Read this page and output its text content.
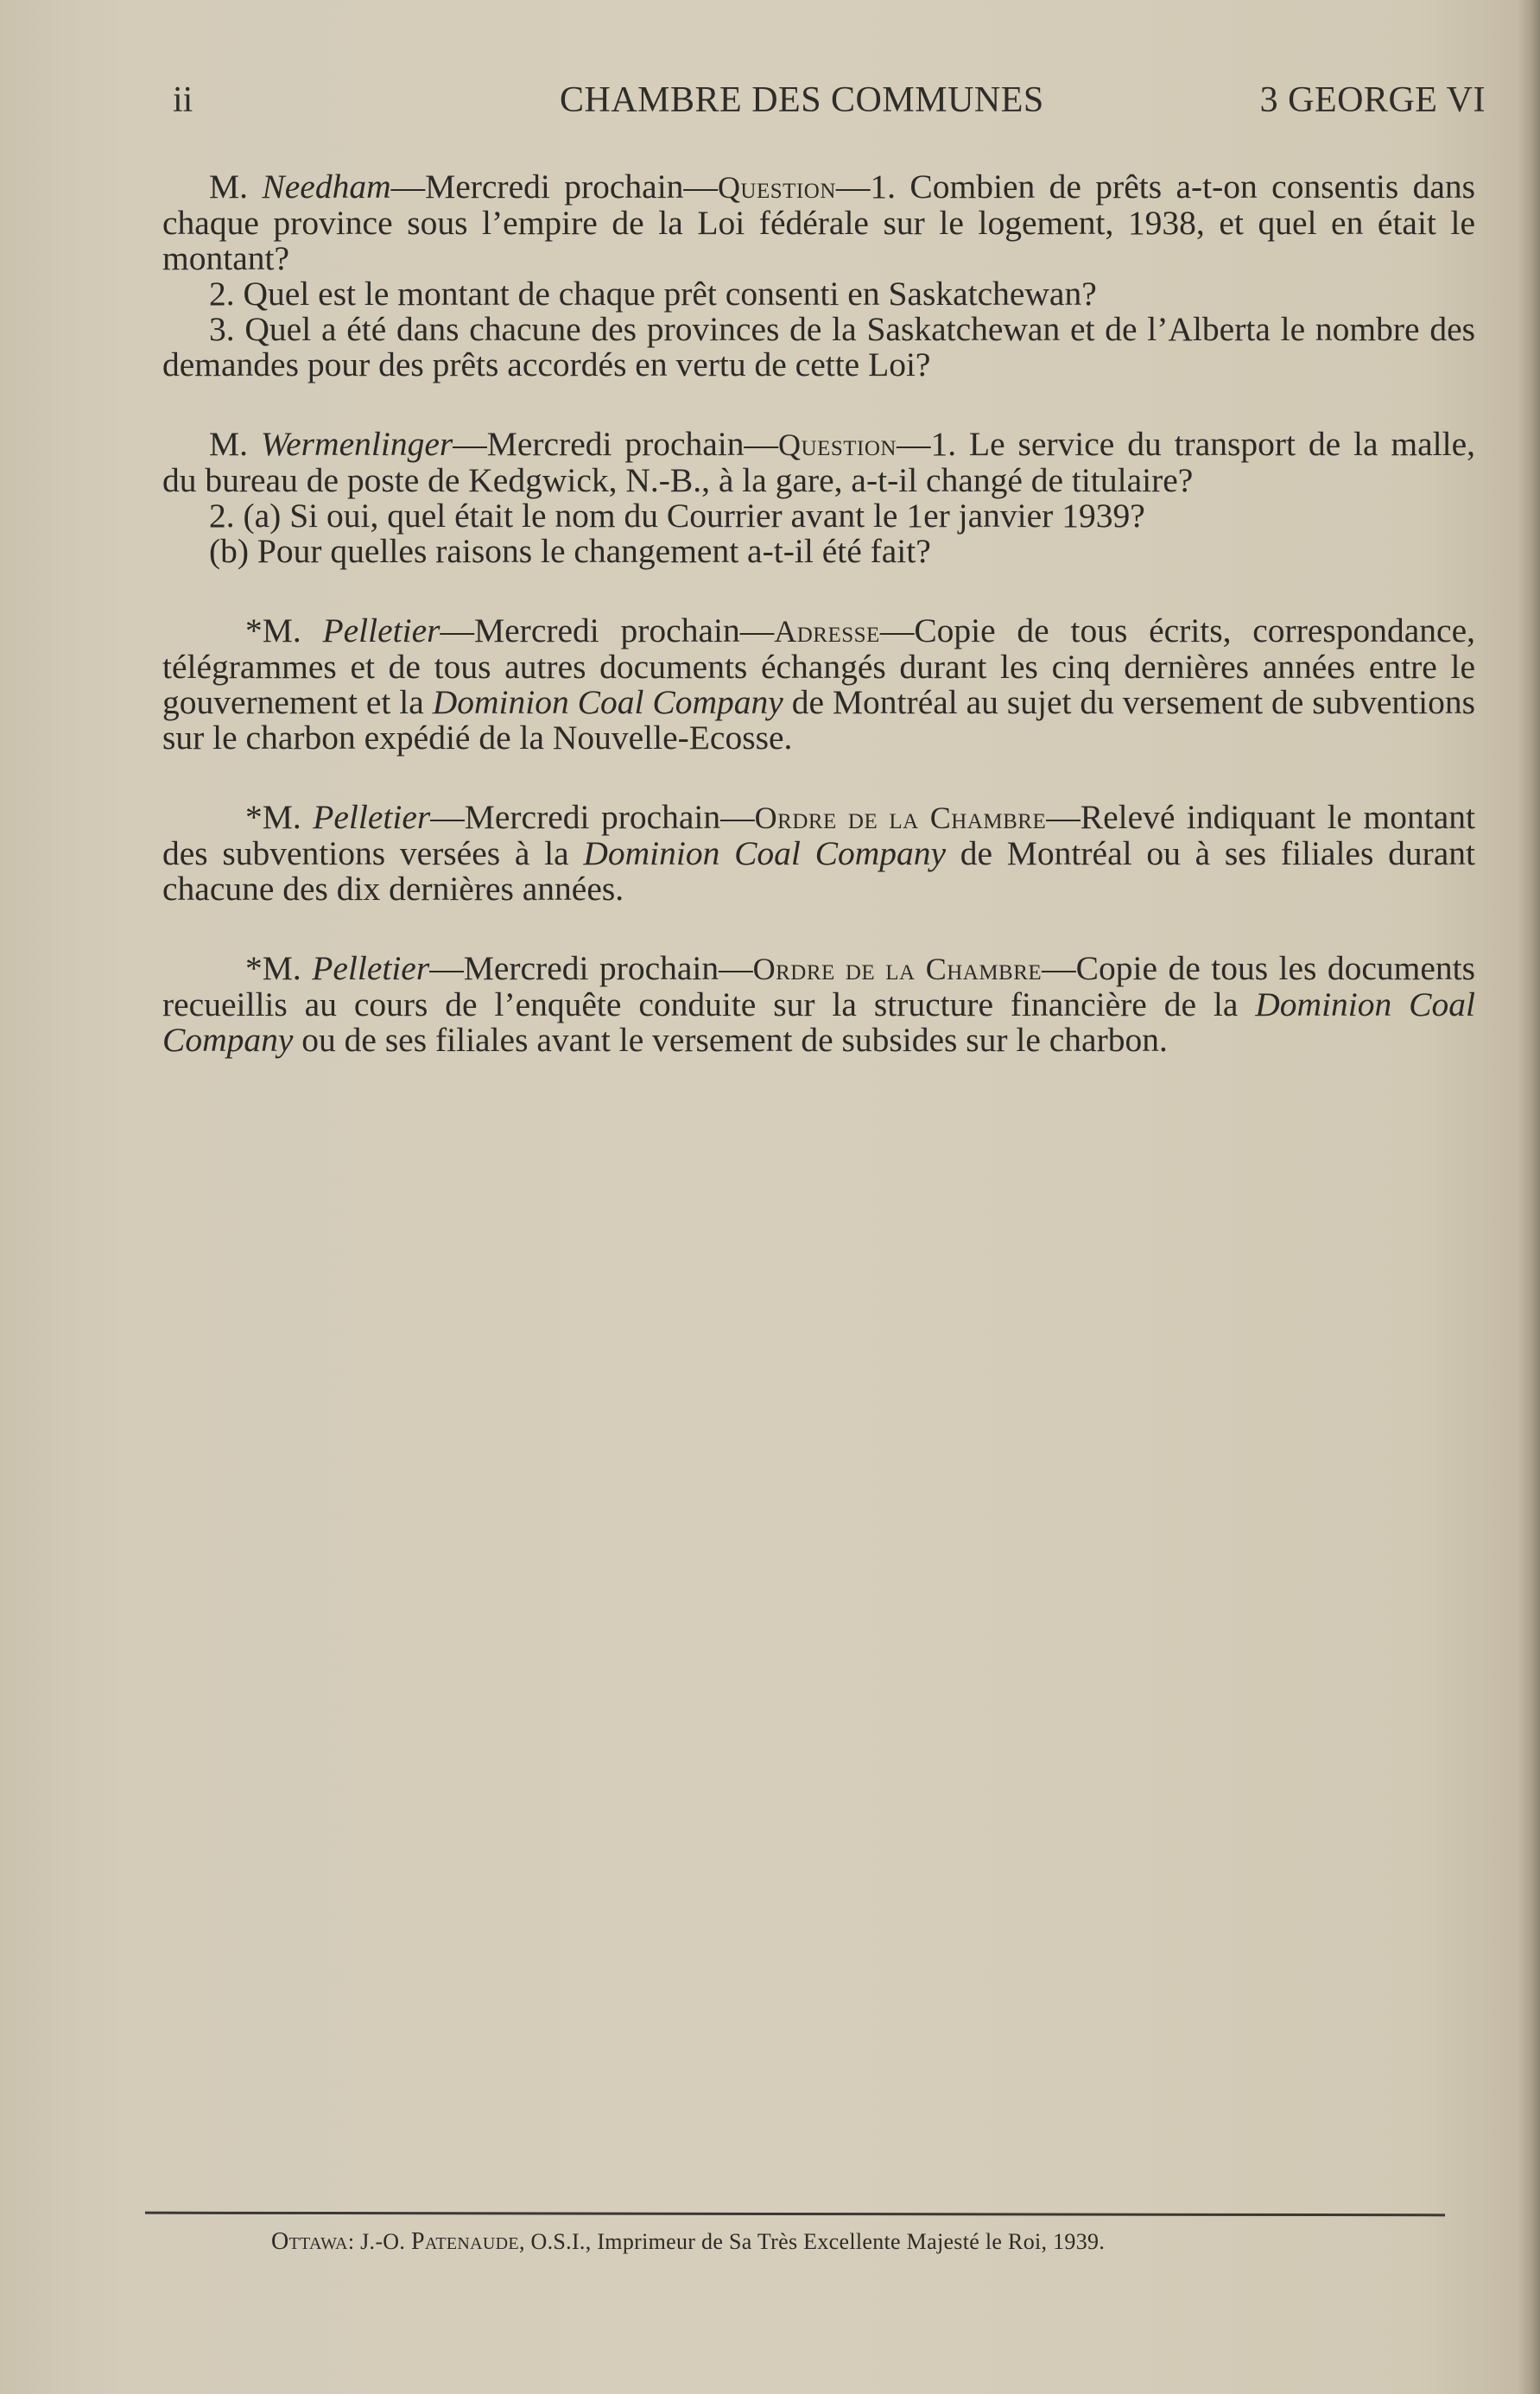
ii	CHAMBRE DES COMMUNES	3 GEORGE VI

M. Needham—Mercredi prochain—Question—1. Combien de prêts a-t-on consentis dans chaque province sous l’empire de la Loi fédérale sur le logement, 1938, et quel en était le montant?

2. Quel est le montant de chaque prêt consenti en Saskatchewan?

3. Quel a été dans chacune des provinces de la Saskatchewan et de l’Alberta le nombre des demandes pour des prêts accordés en vertu de cette Loi?

M. Wermenlinger—Mercredi prochain—Question—1. Le service du transport de la malle, du bureau de poste de Kedgwick, N.-B., à la gare, a-t-il changé de titulaire?

2. (a) Si oui, quel était le nom du Courrier avant le 1er janvier 1939?

(b) Pour quelles raisons le changement a-t-il été fait?

*M. Pelletier—Mercredi prochain—Adresse—Copie de tous écrits, correspondance, télégrammes et de tous autres documents échangés durant les cinq dernières années entre le gouvernement et la Dominion Coal Company de Montréal au sujet du versement de subventions sur le charbon expédié de la Nouvelle-Ecosse.

*M. Pelletier—Mercredi prochain—Ordre de la Chambre—Relevé indiquant le montant des subventions versées à la Dominion Coal Company de Montréal ou à ses filiales durant chacune des dix dernières années.

*M. Pelletier—Mercredi prochain—Ordre de la Chambre—Copie de tous les documents recueillis au cours de l’enquête conduite sur la structure financière de la Dominion Coal Company ou de ses filiales avant le versement de subsides sur le charbon.

Ottawa: J.-O. Patenaude, O.S.I., Imprimeur de Sa Très Excellente Majesté le Roi, 1939.
